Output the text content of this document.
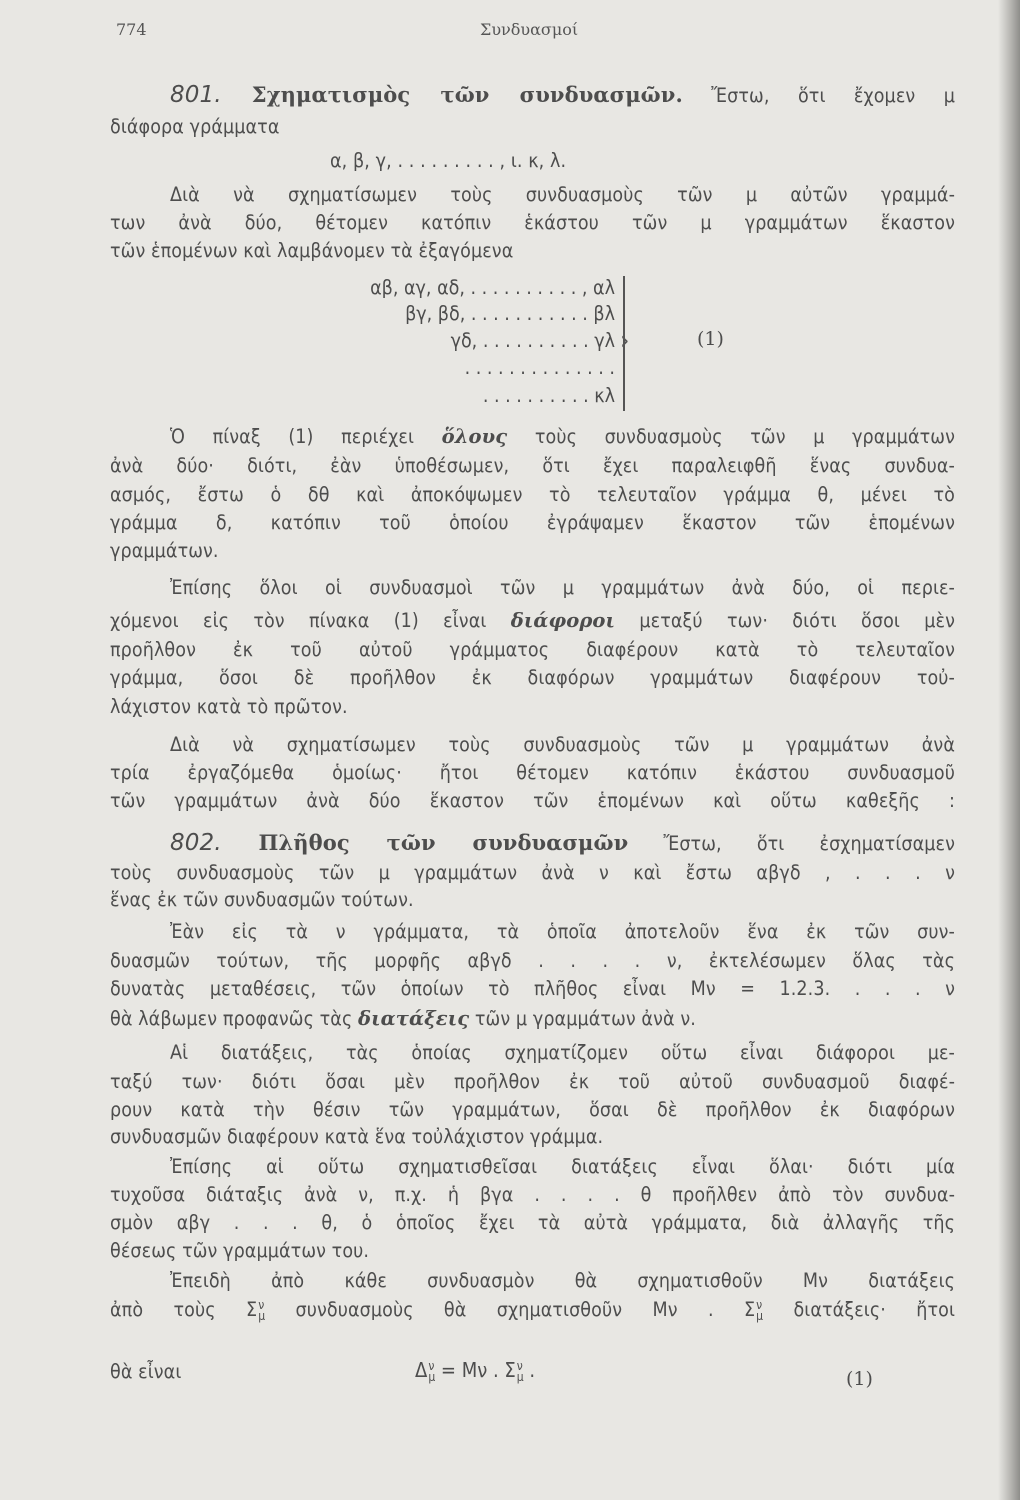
774	Συνδυασμοί
801. Σχηματισμὸς τῶν συνδυασμῶν. Ἔστω, ὅτι ἔχομεν μ
διάφορα γράμματα
α, β, γ, . . . . . . . . . , ι. κ, λ.
Διὰ νὰ σχηματίσωμεν τοὺς συνδυασμοὺς τῶν μ αὐτῶν γραμμά-
των ἀνὰ δύο, θέτομεν κατόπιν ἑκάστου τῶν μ γραμμάτων ἕκαστον
τῶν ἑπομένων καὶ λαμβάνομεν τὰ ἐξαγόμενα
Ὁ πίναξ (1) περιέχει ὅλους τοὺς συνδυασμοὺς τῶν μ γραμμάτων
ἀνὰ δύο· διότι, ἐὰν ὑποθέσωμεν, ὅτι ἔχει παραλειφθῆ ἕνας συνδυα-
ασμός, ἔστω ὁ δθ καὶ ἀποκόψωμεν τὸ τελευταῖον γράμμα θ, μένει τὸ
γράμμα δ, κατόπιν τοῦ ὁποίου ἐγράψαμεν ἕκαστον τῶν ἑπομένων
γραμμάτων.
Ἐπίσης ὅλοι οἱ συνδυασμοὶ τῶν μ γραμμάτων ἀνὰ δύο, οἱ περιε-
χόμενοι εἰς τὸν πίνακα (1) εἶναι διάφοροι μεταξύ των· διότι ὅσοι μὲν
προῆλθον ἐκ τοῦ αὐτοῦ γράμματος διαφέρουν κατὰ τὸ τελευταῖον
γράμμα, ὅσοι δὲ προῆλθον ἐκ διαφόρων γραμμάτων διαφέρουν τοὐ-
λάχιστον κατὰ τὸ πρῶτον.
Διὰ νὰ σχηματίσωμεν τοὺς συνδυασμοὺς τῶν μ γραμμάτων ἀνὰ
τρία ἐργαζόμεθα ὁμοίως· ἤτοι θέτομεν κατόπιν ἑκάστου συνδυασμοῦ
τῶν γραμμάτων ἀνὰ δύο ἕκαστον τῶν ἑπομένων καὶ οὕτω καθεξῆς :
802. Πλῆθος τῶν συνδυασμῶν Ἔστω, ὅτι ἐσχηματίσαμεν
τοὺς συνδυασμοὺς τῶν μ γραμμάτων ἀνὰ ν καὶ ἔστω αβγδ , . . . ν
ἕνας ἐκ τῶν συνδυασμῶν τούτων.
Ἐὰν εἰς τὰ ν γράμματα, τὰ ὁποῖα ἀποτελοῦν ἕνα ἐκ τῶν συν-
δυασμῶν τούτων, τῆς μορφῆς αβγδ . . . . ν, ἐκτελέσωμεν ὅλας τὰς
δυνατὰς μεταθέσεις, τῶν ὁποίων τὸ πλῆθος εἶναι Mν = 1.2.3. . . . ν
θὰ λάβωμεν προφανῶς τὰς διατάξεις τῶν μ γραμμάτων ἀνὰ ν.
Αἱ διατάξεις, τὰς ὁποίας σχηματίζομεν οὕτω εἶναι διάφοροι με-
ταξύ των· διότι ὅσαι μὲν προῆλθον ἐκ τοῦ αὐτοῦ συνδυασμοῦ διαφέ-
ρουν κατὰ τὴν θέσιν τῶν γραμμάτων, ὅσαι δὲ προῆλθον ἐκ διαφόρων
συνδυασμῶν διαφέρουν κατὰ ἕνα τοὐλάχιστον γράμμα.
Ἐπίσης αἱ οὕτω σχηματισθεῖσαι διατάξεις εἶναι ὅλαι· διότι μία
τυχοῦσα διάταξις ἀνὰ ν, π.χ. ἡ βγα . . . . θ προῆλθεν ἀπὸ τὸν συνδυα-
σμὸν αβγ . . . θ, ὁ ὁποῖος ἔχει τὰ αὐτὰ γράμματα, διὰ ἀλλαγῆς τῆς
θέσεως τῶν γραμμάτων του.
Ἐπειδὴ ἀπὸ κάθε συνδυασμὸν θὰ σχηματισθοῦν Mν διατάξεις
ἀπὸ τοὺς Σ ν
μ συνδυασμοὺς θὰ σχηματισθοῦν Mν . Σ ν
μ διατάξεις· ἤτοι
θὰ εἶναι
αβ, αγ, αδ, . . . . . . . . . . , αλ
βγ, βδ, . . . . . . . . . . . βλ
γδ, . . . . . . . . . . γλ
. . . . . . . . . . . . . .
. . . . . . . . . . κλ
›	(1)
Δ ν
μ = Mν . Σ ν
μ .	(1)
